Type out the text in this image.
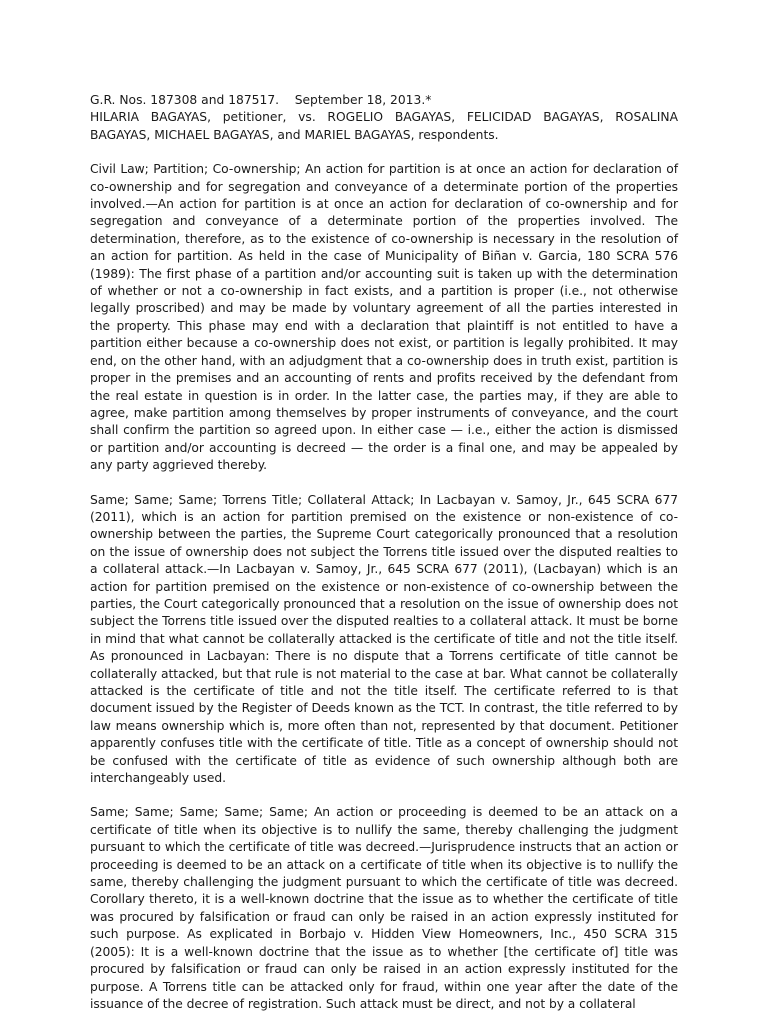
G.R. Nos. 187308 and 187517.    September 18, 2013.*

HILARIA BAGAYAS, petitioner, vs. ROGELIO BAGAYAS, FELICIDAD BAGAYAS, ROSALINA BAGAYAS, MICHAEL BAGAYAS, and MARIEL BAGAYAS, respondents.

Civil Law; Partition; Co-ownership; An action for partition is at once an action for declaration of co-ownership and for segregation and conveyance of a determinate portion of the properties involved.—An action for partition is at once an action for declaration of co-ownership and for segregation and conveyance of a determinate portion of the properties involved. The determination, therefore, as to the existence of co-ownership is necessary in the resolution of an action for partition. As held in the case of Municipality of Biñan v. Garcia, 180 SCRA 576 (1989): The first phase of a partition and/or accounting suit is taken up with the determination of whether or not a co-ownership in fact exists, and a partition is proper (i.e., not otherwise legally proscribed) and may be made by voluntary agreement of all the parties interested in the property. This phase may end with a declaration that plaintiff is not entitled to have a partition either because a co-ownership does not exist, or partition is legally prohibited. It may end, on the other hand, with an adjudgment that a co-ownership does in truth exist, partition is proper in the premises and an accounting of rents and profits received by the defendant from the real estate in question is in order. In the latter case, the parties may, if they are able to agree, make partition among themselves by proper instruments of conveyance, and the court shall confirm the partition so agreed upon. In either case — i.e., either the action is dismissed or partition and/or accounting is decreed — the order is a final one, and may be appealed by any party aggrieved thereby.

Same; Same; Same; Torrens Title; Collateral Attack; In Lacbayan v. Samoy, Jr., 645 SCRA 677 (2011), which is an action for partition premised on the existence or non-existence of co-ownership between the parties, the Supreme Court categorically pronounced that a resolution on the issue of ownership does not subject the Torrens title issued over the disputed realties to a collateral attack.—In Lacbayan v. Samoy, Jr., 645 SCRA 677 (2011), (Lacbayan) which is an action for partition premised on the existence or non-existence of co-ownership between the parties, the Court categorically pronounced that a resolution on the issue of ownership does not subject the Torrens title issued over the disputed realties to a collateral attack. It must be borne in mind that what cannot be collaterally attacked is the certificate of title and not the title itself. As pronounced in Lacbayan: There is no dispute that a Torrens certificate of title cannot be collaterally attacked, but that rule is not material to the case at bar. What cannot be collaterally attacked is the certificate of title and not the title itself. The certificate referred to is that document issued by the Register of Deeds known as the TCT. In contrast, the title referred to by law means ownership which is, more often than not, represented by that document. Petitioner apparently confuses title with the certificate of title. Title as a concept of ownership should not be confused with the certificate of title as evidence of such ownership although both are interchangeably used.

Same; Same; Same; Same; Same; An action or proceeding is deemed to be an attack on a certificate of title when its objective is to nullify the same, thereby challenging the judgment pursuant to which the certificate of title was decreed.—Jurisprudence instructs that an action or proceeding is deemed to be an attack on a certificate of title when its objective is to nullify the same, thereby challenging the judgment pursuant to which the certificate of title was decreed. Corollary thereto, it is a well-known doctrine that the issue as to whether the certificate of title was procured by falsification or fraud can only be raised in an action expressly instituted for such purpose. As explicated in Borbajo v. Hidden View Homeowners, Inc., 450 SCRA 315 (2005): It is a well-known doctrine that the issue as to whether [the certificate of] title was procured by falsification or fraud can only be raised in an action expressly instituted for the purpose. A Torrens title can be attacked only for fraud, within one year after the date of the issuance of the decree of registration. Such attack must be direct, and not by a collateral
